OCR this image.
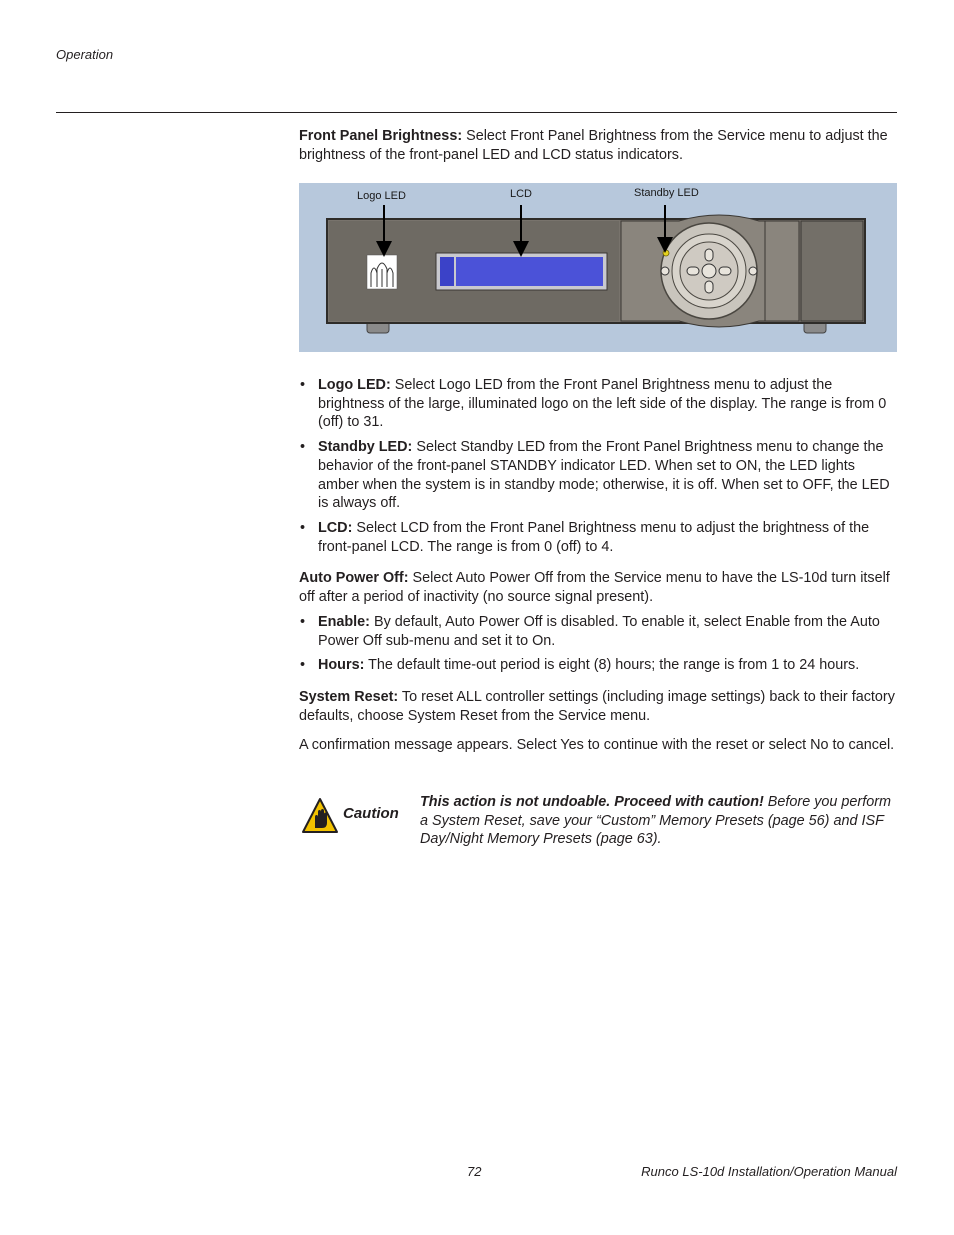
Operation

Front Panel Brightness: Select Front Panel Brightness from the Service menu to adjust the brightness of the front-panel LED and LCD status indicators.

Logo LED	LCD	Standby LED

• Logo LED: Select Logo LED from the Front Panel Brightness menu to adjust the brightness of the large, illuminated logo on the left side of the display. The range is from 0 (off) to 31.

• Standby LED: Select Standby LED from the Front Panel Brightness menu to change the behavior of the front-panel STANDBY indicator LED. When set to ON, the LED lights amber when the system is in standby mode; otherwise, it is off. When set to OFF, the LED is always off.

• LCD: Select LCD from the Front Panel Brightness menu to adjust the brightness of the front-panel LCD. The range is from 0 (off) to 4.

Auto Power Off: Select Auto Power Off from the Service menu to have the LS-10d turn itself off after a period of inactivity (no source signal present).

• Enable: By default, Auto Power Off is disabled. To enable it, select Enable from the Auto Power Off sub-menu and set it to On.

• Hours: The default time-out period is eight (8) hours; the range is from 1 to 24 hours.

System Reset: To reset ALL controller settings (including image settings) back to their factory defaults, choose System Reset from the Service menu.

A confirmation message appears. Select Yes to continue with the reset or select No to cancel.

Caution
This action is not undoable. Proceed with caution! Before you perform a System Reset, save your “Custom” Memory Presets (page 56) and ISF Day/Night Memory Presets (page 63).
72	Runco LS-10d Installation/Operation Manual
